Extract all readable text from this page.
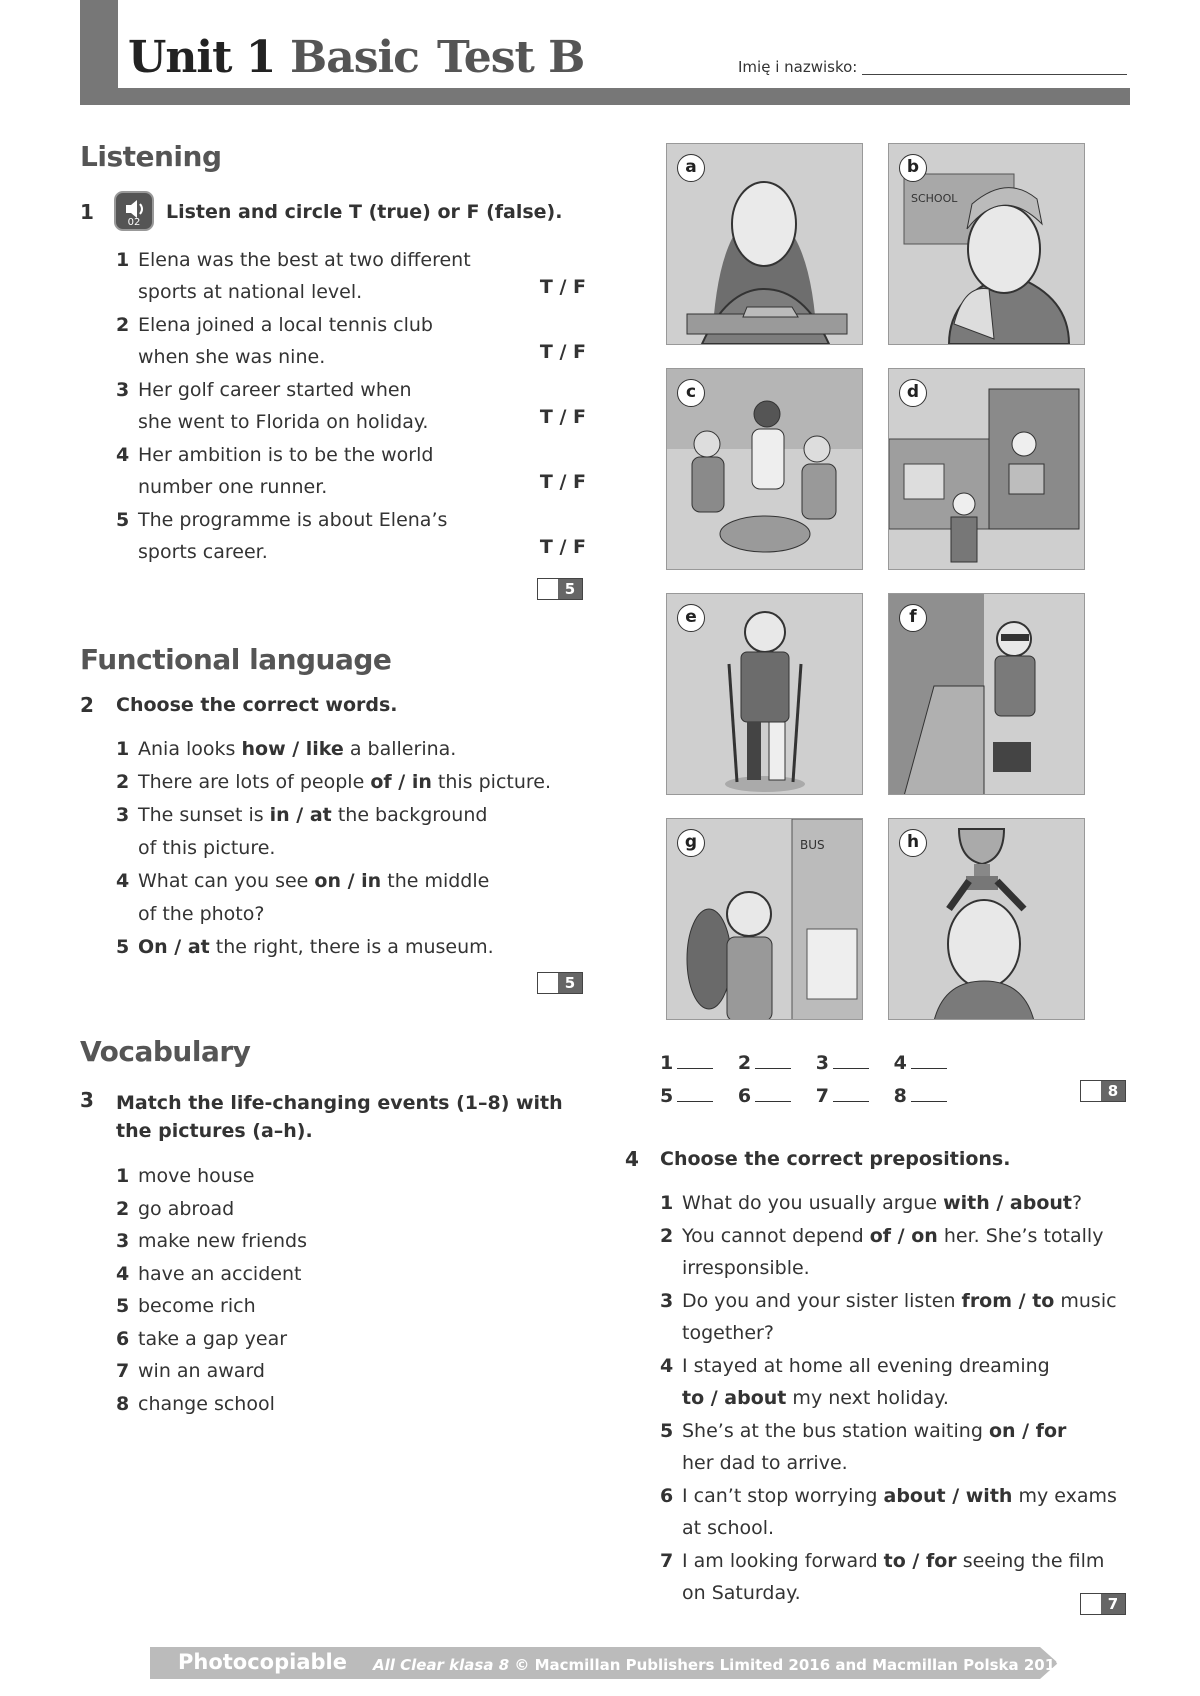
Unit 1 Basic Test B	Imię i nazwisko:
Listening
1	02	Listen and circle T (true) or F (false).
1 Elena was the best at two different
sports at national level.	T / F
2 Elena joined a local tennis club
when she was nine.	T / F
3 Her golf career started when
she went to Florida on holiday.	T / F
4 Her ambition is to be the world
number one runner.	T / F
5 The programme is about Elena’s
sports career.	T / F
5
Functional language
2 Choose the correct words.
1 Ania looks how / like a ballerina.
2 There are lots of people of / in this picture.
3 The sunset is in / at the background
of this picture.
4 What can you see on / in the middle
of the photo?
5 On / at the right, there is a museum.
5
Vocabulary
3 Match the life-changing events (1–8) with
the pictures (a–h).
1 move house
2 go abroad
3 make new friends
4 have an accident
5 become rich
6 take a gap year
7 win an award
8 change school
a
SCHOOL
b
c	d
e	f
BUS
g	h
1	2	3	4
5	6	7	8	8
4 Choose the correct prepositions.
1 What do you usually argue with / about?
2 You cannot depend of / on her. She’s totally
irresponsible.
3 Do you and your sister listen from / to music
together?
4 I stayed at home all evening dreaming
to / about my next holiday.
5 She’s at the bus station waiting on / for
her dad to arrive.
6 I can’t stop worrying about / with my exams
at school.
7 I am looking forward to / for seeing the film
on Saturday.	7
Photocopiable All Clear klasa 8 © Macmillan Publishers Limited 2016 and Macmillan Polska 2018
